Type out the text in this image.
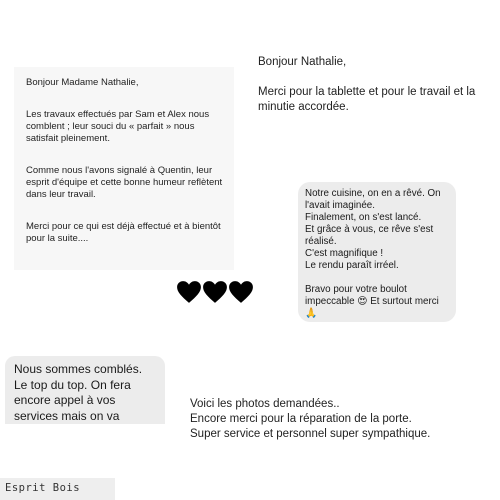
Bonjour Madame Nathalie,

Les travaux effectués par Sam et Alex nous
comblent ; leur souci du « parfait » nous
satisfait pleinement.

Comme nous l'avons signalé à Quentin, leur
esprit d'équipe et cette bonne humeur reflètent
dans leur travail.

Merci pour ce qui est déjà effectué et à bientôt
pour la suite....

Bonjour Nathalie,

Merci pour la tablette et pour le travail et la
minutie accordée.

Notre cuisine, on en a rêvé. On
l'avait imaginée.
Finalement, on s'est lancé.
Et grâce à vous, ce rêve s'est
réalisé.
C'est magnifique !
Le rendu paraît irréel.
Bravo pour votre boulot
impeccable 😍 Et surtout merci
🙏
Nous sommes comblés.
Le top du top. On fera
encore appel à vos
services mais on va
Voici les photos demandées..
Encore merci pour la réparation de la porte.
Super service et personnel super sympathique.
Esprit Bois
